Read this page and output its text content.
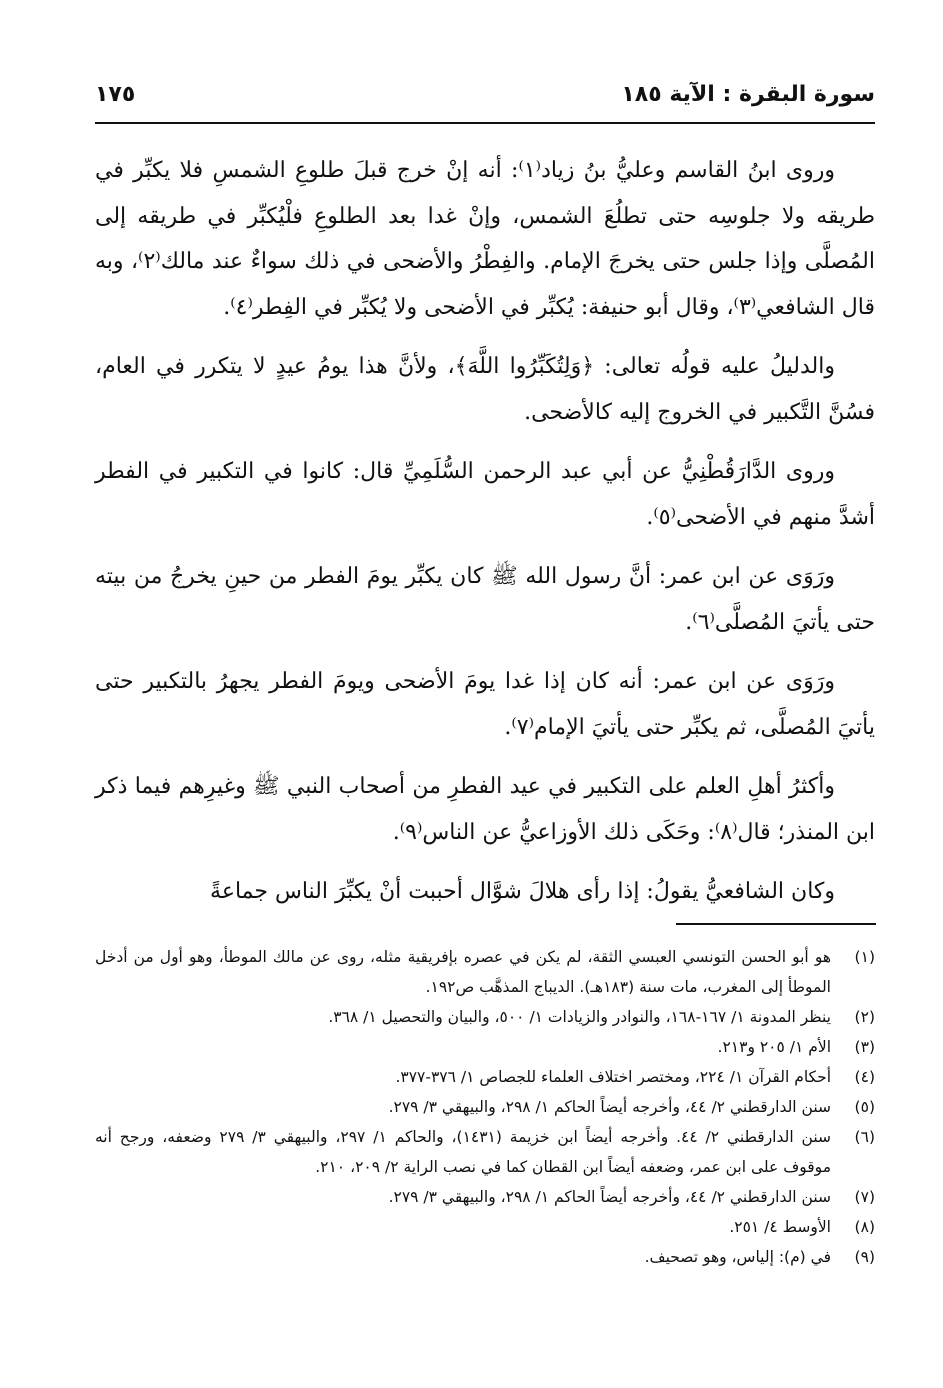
سورة البقرة : الآية ١٨٥
١٧٥

وروى ابنُ القاسم وعليُّ بنُ زياد⁽١⁾: أنه إنْ خرج قبلَ طلوعِ الشمسِ فلا يكبِّر في طريقه ولا جلوسِه حتى تطلُعَ الشمس، وإنْ غدا بعد الطلوعِ فلْيُكبِّر في طريقه إلى المُصلَّى وإذا جلس حتى يخرجَ الإمام. والفِطْرُ والأضحى في ذلك سواءٌ عند مالك⁽٢⁾، وبه قال الشافعي⁽٣⁾، وقال أبو حنيفة: يُكبِّر في الأضحى ولا يُكبِّر في الفِطر⁽٤⁾.

والدليلُ عليه قولُه تعالى: ﴿وَلِتُكَبِّرُوا اللَّهَ﴾، ولأنَّ هذا يومُ عيدٍ لا يتكرر في العام، فسُنَّ التَّكبير في الخروج إليه كالأضحى.

وروى الدَّارَقُطْنِيُّ عن أبي عبد الرحمن السُّلَمِيِّ قال: كانوا في التكبير في الفطر أشدَّ منهم في الأضحى⁽٥⁾.

ورَوَى عن ابن عمر: أنَّ رسول الله ﷺ كان يكبِّر يومَ الفطر من حينِ يخرجُ من بيته حتى يأتيَ المُصلَّى⁽٦⁾.

ورَوَى عن ابن عمر: أنه كان إذا غدا يومَ الأضحى ويومَ الفطر يجهرُ بالتكبير حتى يأتيَ المُصلَّى، ثم يكبِّر حتى يأتيَ الإمام⁽٧⁾.

وأكثرُ أهلِ العلم على التكبير في عيد الفطرِ من أصحاب النبي ﷺ وغيرِهم فيما ذكر ابن المنذر؛ قال⁽٨⁾: وحَكَى ذلك الأوزاعيُّ عن الناس⁽٩⁾.

وكان الشافعيُّ يقولُ: إذا رأى هلالَ شوَّال أحببت أنْ يكبِّرَ الناس جماعةً

(١)
هو أبو الحسن التونسي العبسي الثقة، لم يكن في عصره بإفريقية مثله، روى عن مالك الموطأ، وهو أول من أدخل الموطأ إلى المغرب، مات سنة (١٨٣هـ). الديباج المذهَّب ص١٩٢.
(٢)
ينظر المدونة ١/ ١٦٧-١٦٨، والنوادر والزيادات ١/ ٥٠٠، والبيان والتحصيل ١/ ٣٦٨.
(٣)
الأم ١/ ٢٠٥ و٢١٣.
(٤)
أحكام القرآن ١/ ٢٢٤، ومختصر اختلاف العلماء للجصاص ١/ ٣٧٦-٣٧٧.
(٥)
سنن الدارقطني ٢/ ٤٤، وأخرجه أيضاً الحاكم ١/ ٢٩٨، والبيهقي ٣/ ٢٧٩.
(٦)
سنن الدارقطني ٢/ ٤٤. وأخرجه أيضاً ابن خزيمة (١٤٣١)، والحاكم ١/ ٢٩٧، والبيهقي ٣/ ٢٧٩ وضعفه، ورجح أنه موقوف على ابن عمر، وضعفه أيضاً ابن القطان كما في نصب الراية ٢/ ٢٠٩، ٢١٠.
(٧)
سنن الدارقطني ٢/ ٤٤، وأخرجه أيضاً الحاكم ١/ ٢٩٨، والبيهقي ٣/ ٢٧٩.
(٨)
الأوسط ٤/ ٢٥١.
(٩)
في (م): إلياس، وهو تصحيف.
